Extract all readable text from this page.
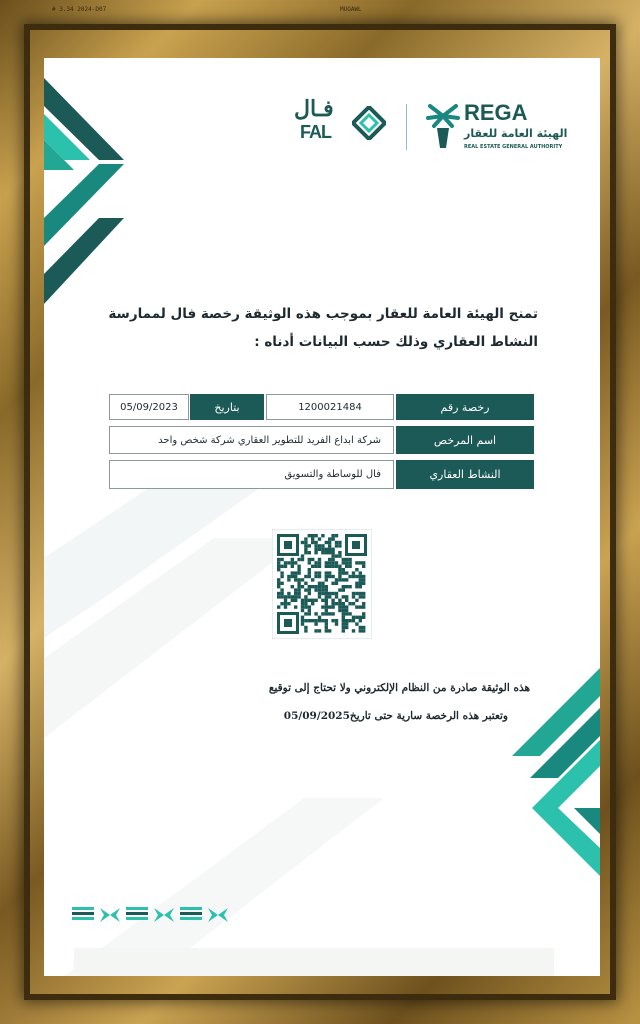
# 3.34 2024-D07	MUOAWL
فـال
FAL
REGA
الهيئة العامة للعقار
REAL ESTATE GENERAL AUTHORITY
تمنح الهيئة العامة للعقار بموجب هذه الوثيقة رخصة فال لممارسة
النشاط العقاري وذلك حسب البيانات أدناه :
رخصة رقم
1200021484
بتاريخ
05/09/2023
اسم المرخص
شركة ابداع الفريد للتطوير العقاري شركة شخص واحد
النشاط العقاري
فال للوساطة والتسويق
هذه الوثيقة صادرة من النظام الإلكتروني ولا تحتاج إلى توقيع
وتعتبر هذه الرخصة سارية حتى تاريخ05/09/2025
